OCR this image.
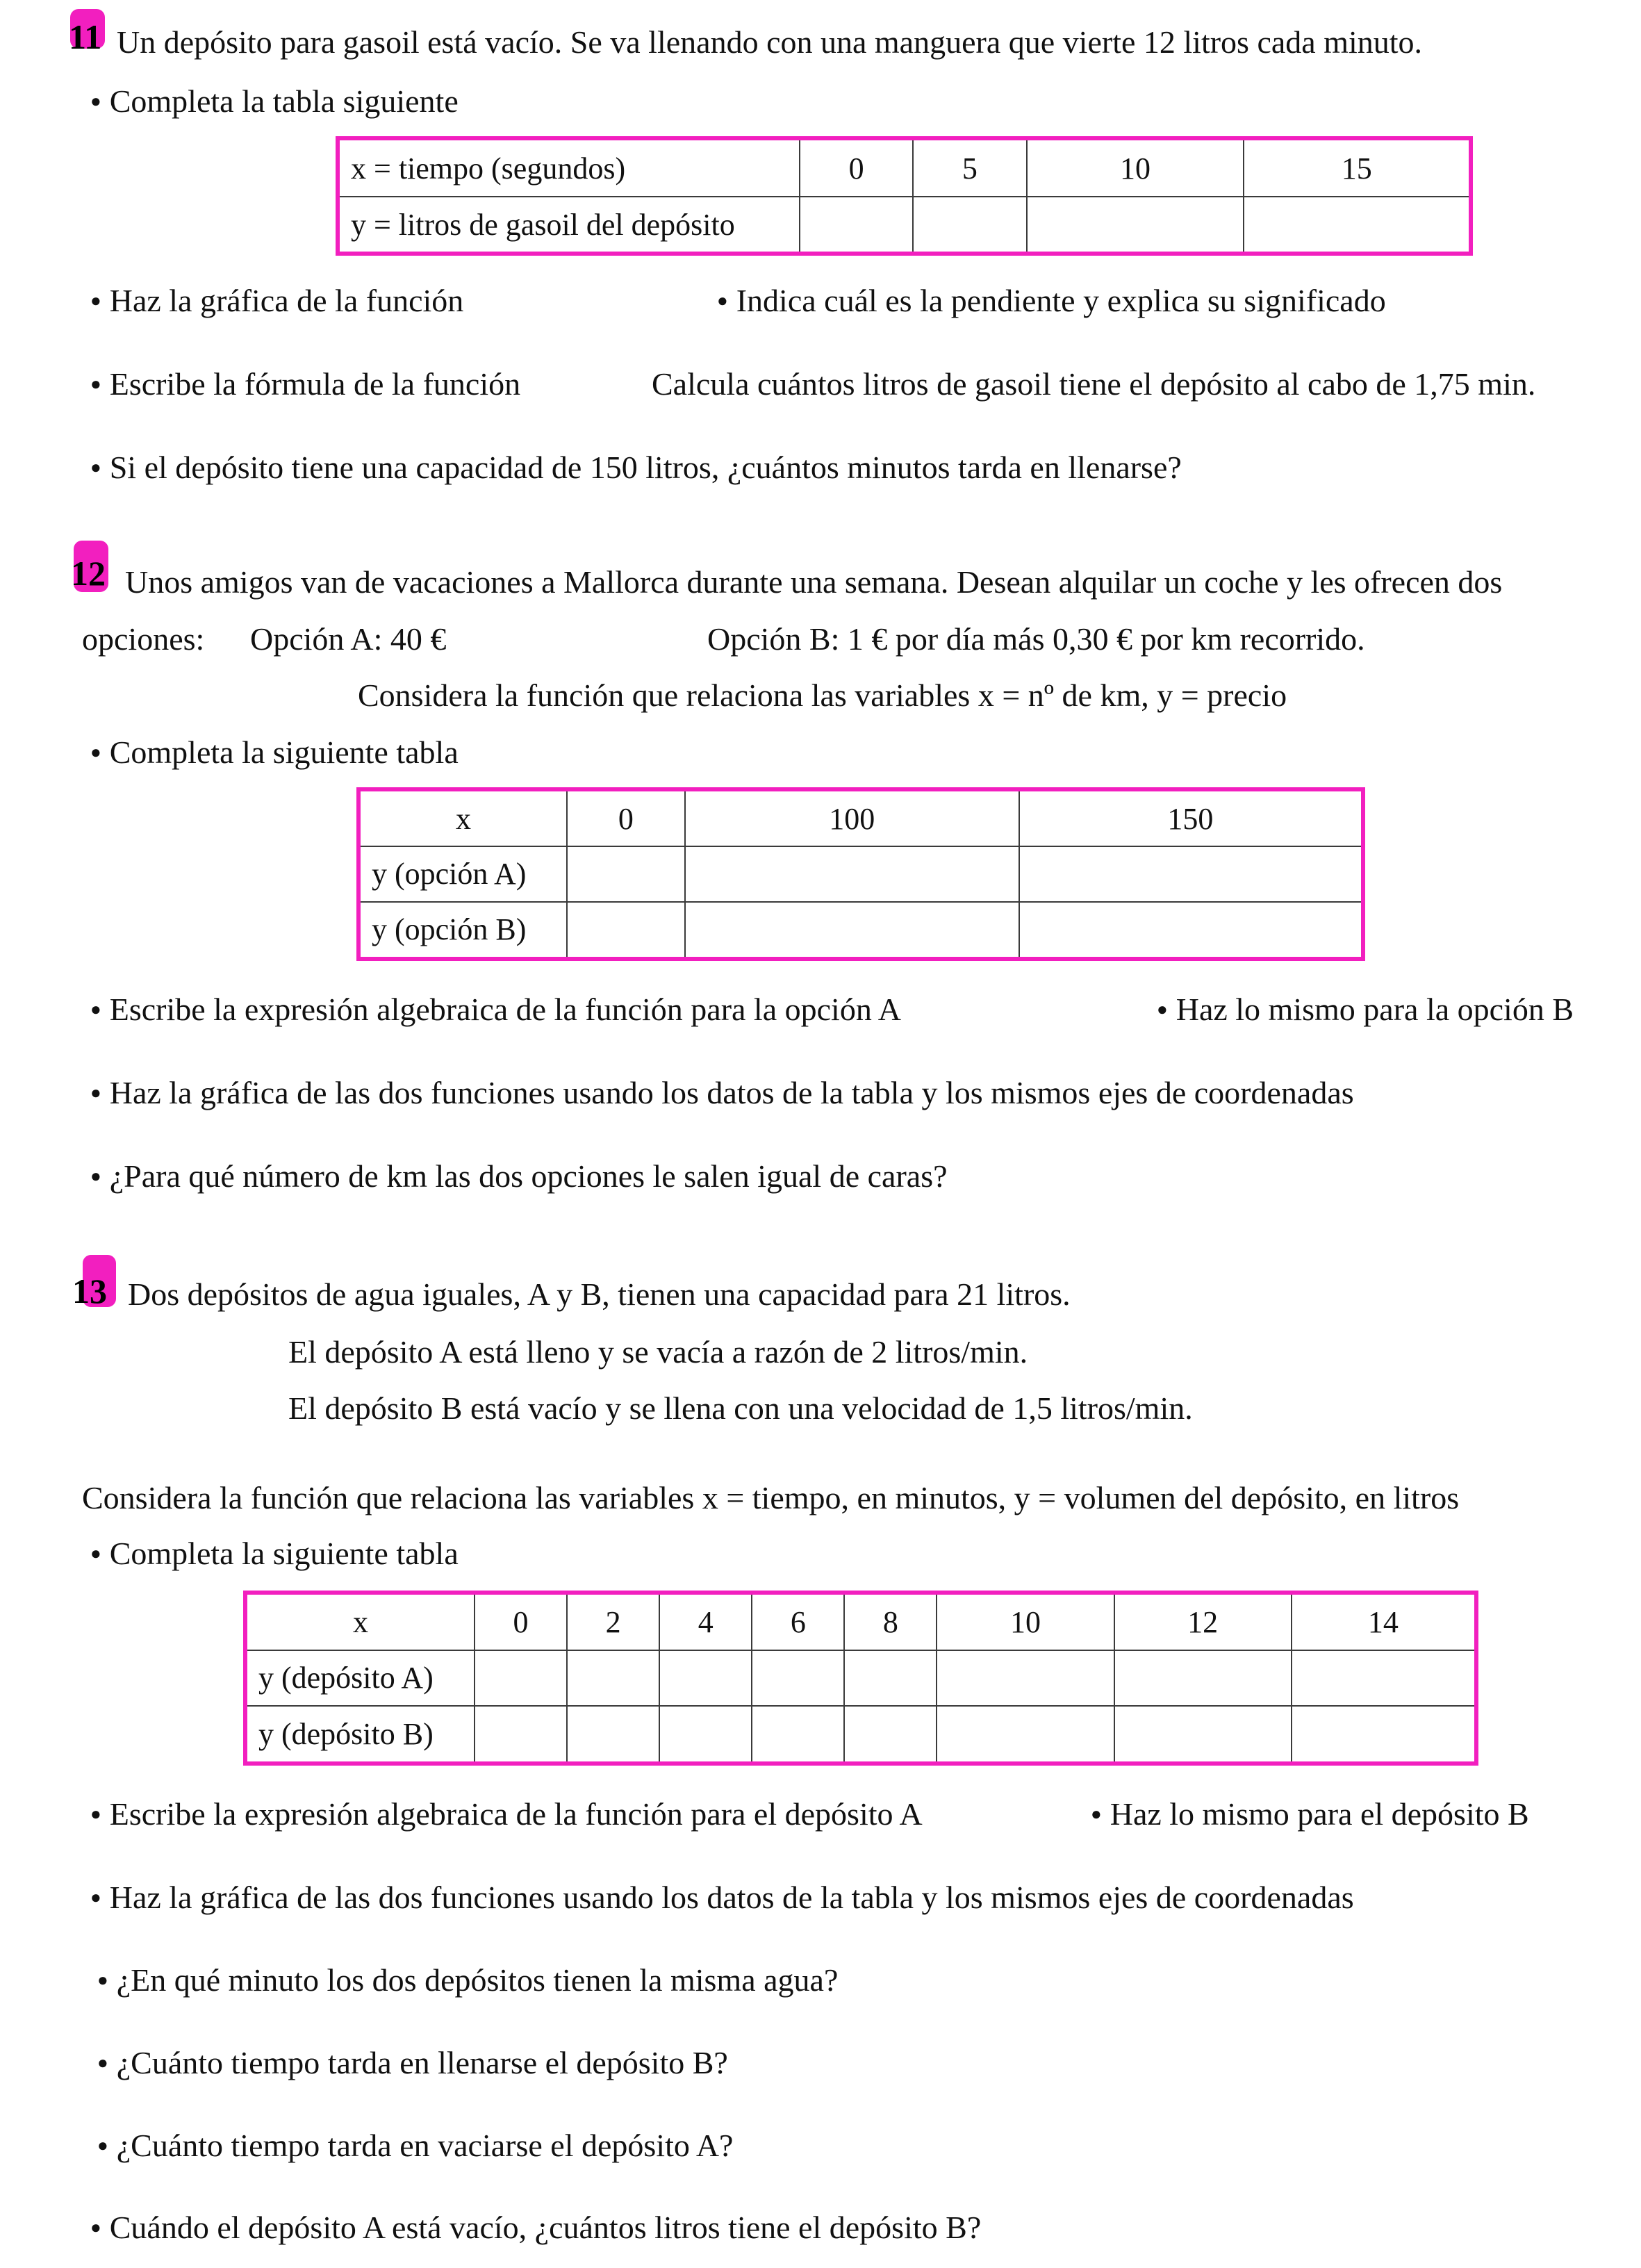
11 Un depósito para gasoil está vacío. Se va llenando con una manguera que vierte 12 litros cada minuto.
● Completa la tabla siguiente
x = tiempo (segundos)	0	5	10	15
y = litros de gasoil del depósito				
● Haz la gráfica de la función	● Indica cuál es la pendiente y explica su significado
● Escribe la fórmula de la función	Calcula cuántos litros de gasoil tiene el depósito al cabo de 1,75 min.
● Si el depósito tiene una capacidad de 150 litros, ¿cuántos minutos tarda en llenarse?
12 Unos amigos van de vacaciones a Mallorca durante una semana. Desean alquilar un coche y les ofrecen dos
opciones: Opción A: 40 €	Opción B: 1 € por día más 0,30 € por km recorrido.
Considera la función que relaciona las variables x = nº de km, y = precio
● Completa la siguiente tabla
x	0	100	150
y (opción A)			
y (opción B)			
● Escribe la expresión algebraica de la función para la opción A	● Haz lo mismo para la opción B
● Haz la gráfica de las dos funciones usando los datos de la tabla y los mismos ejes de coordenadas
● ¿Para qué número de km las dos opciones le salen igual de caras?
13 Dos depósitos de agua iguales, A y B, tienen una capacidad para 21 litros.
El depósito A está lleno y se vacía a razón de 2 litros/min.
El depósito B está vacío y se llena con una velocidad de 1,5 litros/min.
Considera la función que relaciona las variables x = tiempo, en minutos, y = volumen del depósito, en litros
● Completa la siguiente tabla
x	0	2	4	6	8	10	12	14
y (depósito A)								
y (depósito B)								
● Escribe la expresión algebraica de la función para el depósito A	● Haz lo mismo para el depósito B
● Haz la gráfica de las dos funciones usando los datos de la tabla y los mismos ejes de coordenadas
● ¿En qué minuto los dos depósitos tienen la misma agua?
● ¿Cuánto tiempo tarda en llenarse el depósito B?
● ¿Cuánto tiempo tarda en vaciarse el depósito A?
● Cuándo el depósito A está vacío, ¿cuántos litros tiene el depósito B?
